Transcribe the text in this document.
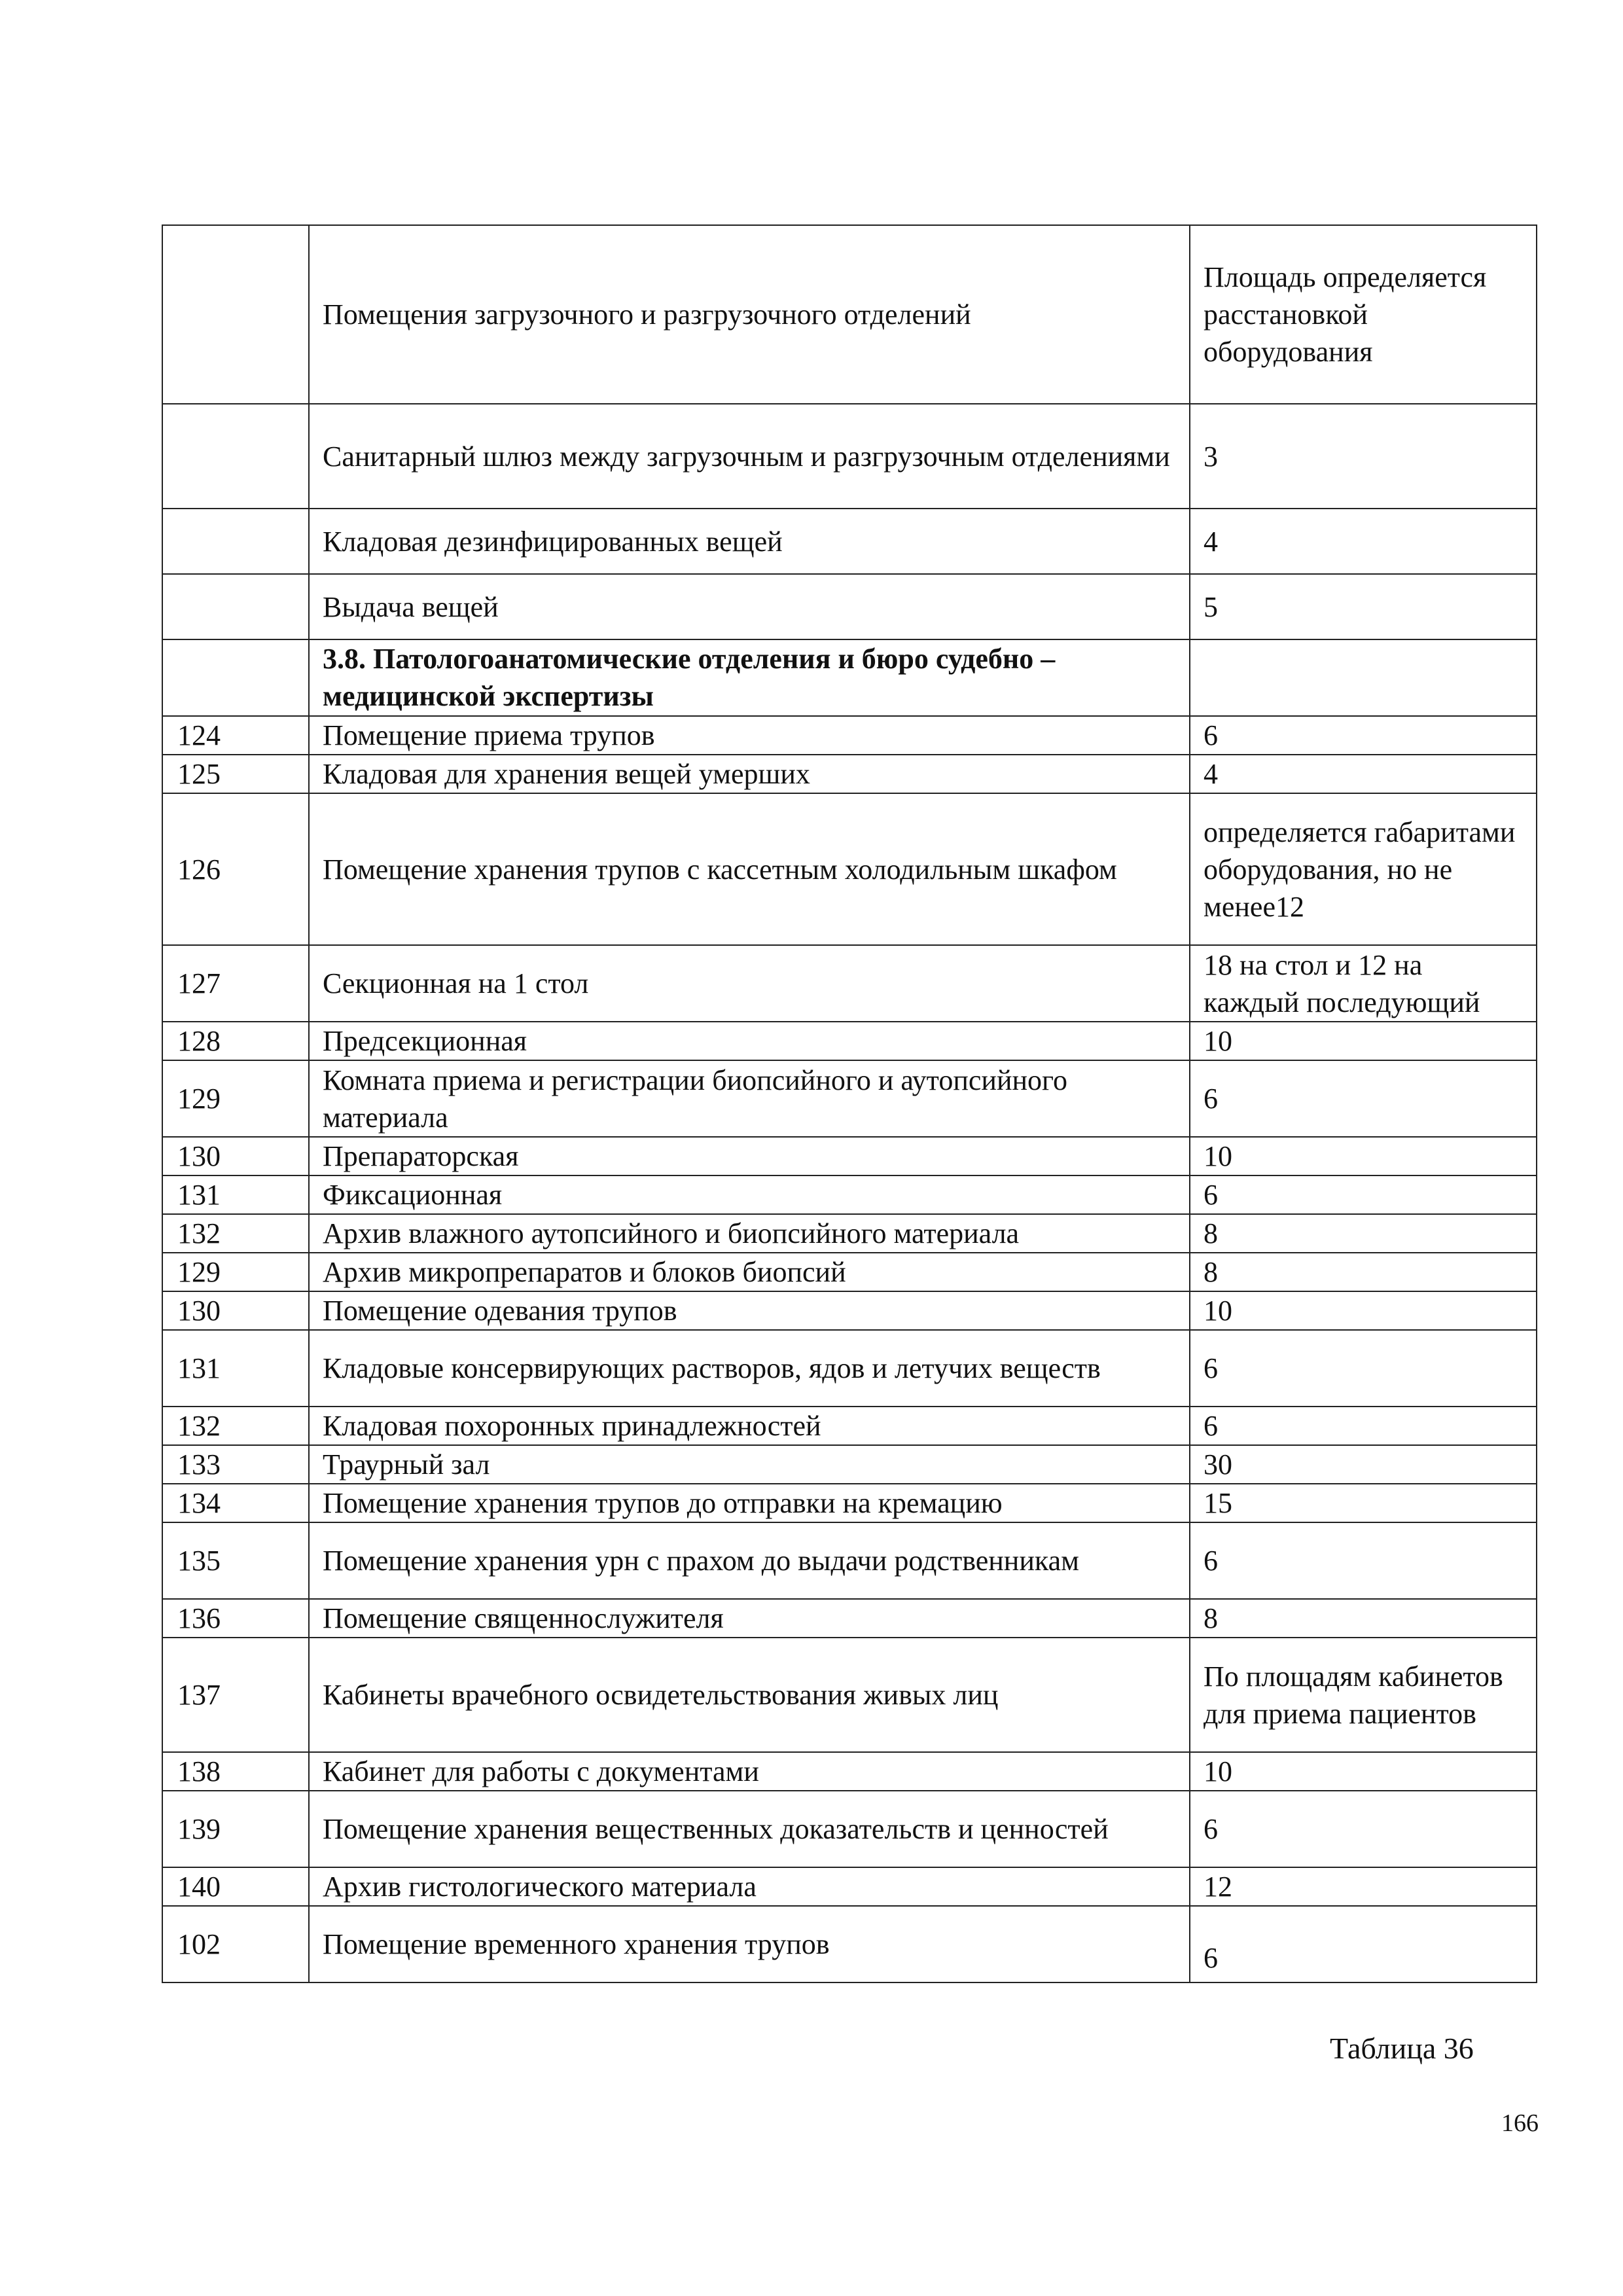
	Помещения загрузочного и разгрузочного отделений	Площадь определяется расстановкой оборудования
	Санитарный шлюз между загрузочным и разгрузочным отделениями	3
	Кладовая дезинфицированных вещей	4
	Выдача вещей	5
	3.8. Патологоанатомические отделения и бюро судебно – медицинской экспертизы	
124	Помещение приема трупов	6
125	Кладовая для хранения вещей умерших	4
126	Помещение хранения трупов с кассетным холодильным шкафом	определяется габаритами оборудования, но не менее12
127	Секционная на 1 стол	18 на стол и 12 на каждый последующий
128	Предсекционная	10
129	Комната приема и регистрации биопсийного и аутопсийного материала	6
130	Препараторская	10
131	Фиксационная	6
132	Архив влажного аутопсийного и биопсийного материала	8
129	Архив микропрепаратов и блоков биопсий	8
130	Помещение одевания трупов	10
131	Кладовые консервирующих растворов, ядов и летучих веществ	6
132	Кладовая похоронных принадлежностей	6
133	Траурный зал	30
134	Помещение хранения трупов до отправки на кремацию	15
135	Помещение хранения урн с прахом до выдачи родственникам	6
136	Помещение священнослужителя	8
137	Кабинеты врачебного освидетельствования живых лиц	По площадям кабинетов для приема пациентов
138	Кабинет для работы с документами	10
139	Помещение хранения вещественных доказательств и ценностей	6
140	Архив гистологического материала	12
102	Помещение временного хранения трупов	6
Таблица 36
166
